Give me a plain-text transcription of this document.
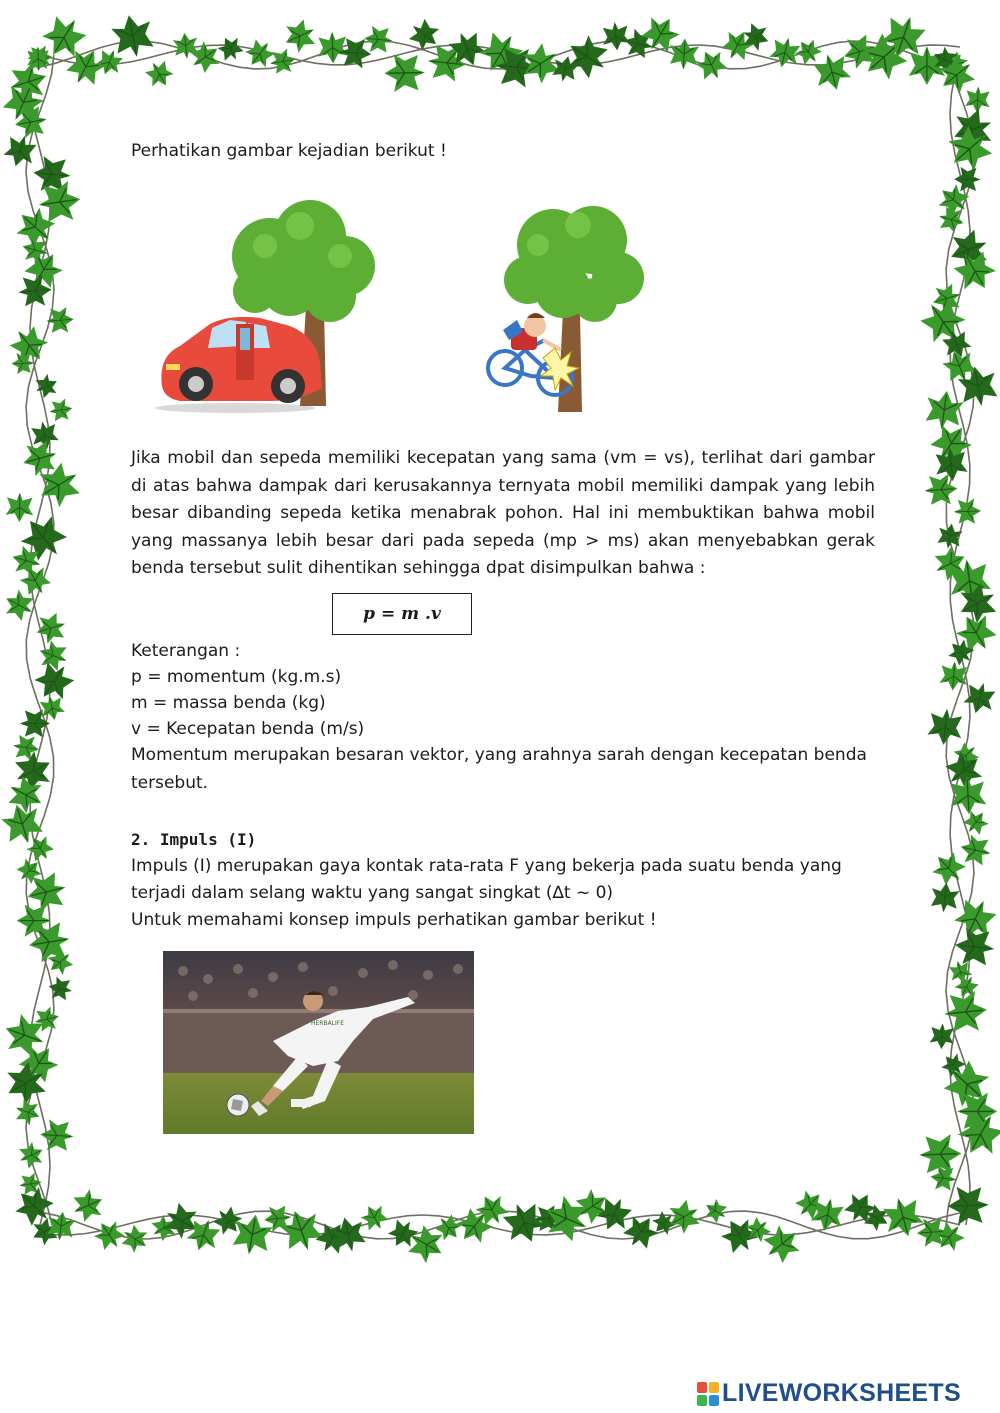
Perhatikan gambar kejadian berikut !
Jika mobil dan sepeda memiliki kecepatan yang sama (vm = vs), terlihat dari gambar di atas bahwa dampak dari kerusakannya ternyata mobil memiliki dampak yang lebih besar dibanding sepeda ketika menabrak pohon. Hal ini membuktikan bahwa mobil yang massanya lebih besar dari pada sepeda (mp > ms) akan menyebabkan gerak benda tersebut sulit dihentikan sehingga dpat disimpulkan bahwa :
p = m .v
Keterangan :
p = momentum (kg.m.s)
m = massa benda (kg)
v = Kecepatan benda (m/s)
Momentum merupakan besaran vektor, yang arahnya sarah dengan kecepatan benda tersebut.
2. Impuls (I)
Impuls (I) merupakan gaya kontak rata-rata F yang bekerja pada suatu benda yang
terjadi dalam selang waktu yang sangat singkat (∆t ~ 0)
Untuk memahami konsep impuls perhatikan gambar berikut !
HERBALIFE
LIVEWORKSHEETS
